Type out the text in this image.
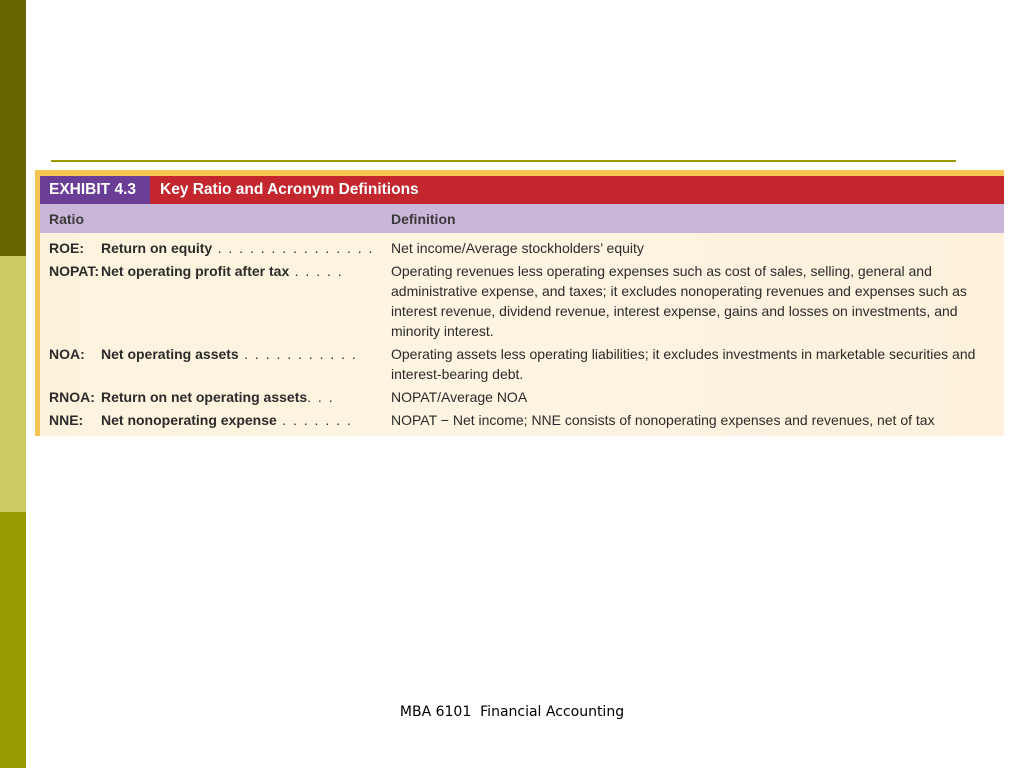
EXHIBIT 4.3	Key Ratio and Acronym Definitions
Ratio	Definition
ROE:	Return on equity . . . . . . . . . . . . . . .	Net income/Average stockholders’ equity
NOPAT: Net operating profit after tax . . . . .	Operating revenues less operating expenses such as cost of sales, selling, general and administrative expense, and taxes; it excludes nonoperating revenues and expenses such as interest revenue, dividend revenue, interest expense, gains and losses on investments, and minority interest.
NOA:	Net operating assets . . . . . . . . . . .	Operating assets less operating liabilities; it excludes investments in marketable securities and interest-bearing debt.
RNOA: Return on net operating assets. . .	NOPAT/Average NOA
NNE:	Net nonoperating expense . . . . . . .	NOPAT − Net income; NNE consists of nonoperating expenses and revenues, net of tax
MBA 6101  Financial Accounting
